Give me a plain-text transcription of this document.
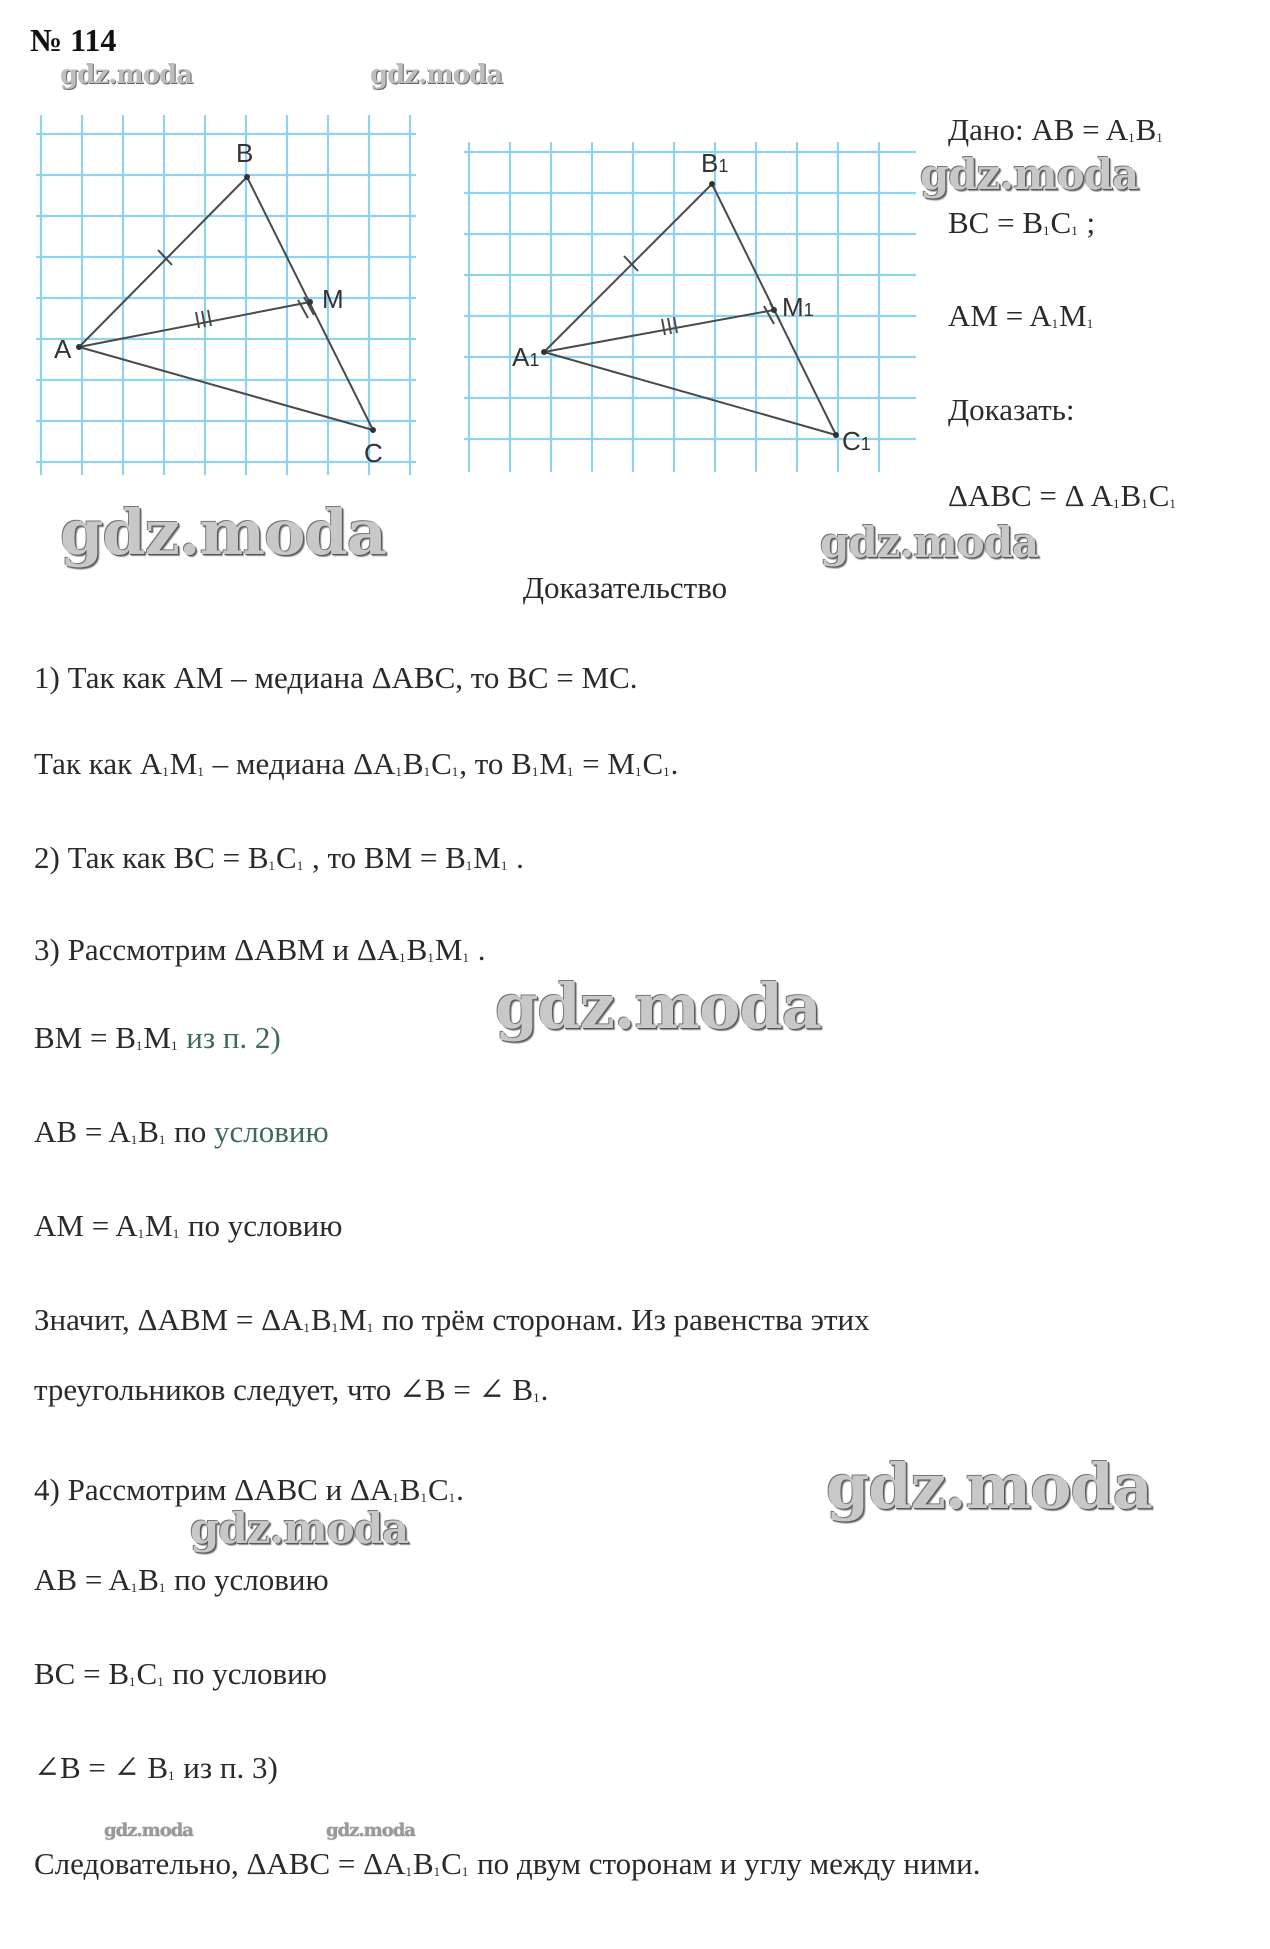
№ 114
gdz.moda	gdz.moda
B
M
A
C
B1
M1
A1
C1
Дано: AB = $A_1B_1$
BC = $B_1C_1$ ;
AM = $A_1M_1$
Доказать:
ΔABC = Δ $A_1B_1C_1$
gdz.moda
gdz.moda	gdz.moda
Доказательство
1) Так как AM – медиана ΔABC, то BC = MC.
Так как $A_1M_1$ – медиана $\Delta A_1B_1C_1$, то $B_1M_1 = M_1C_1$.
2) Так как BC = $B_1C_1$ , то BM = $B_1M_1$ .
3) Рассмотрим ΔABM и $\Delta A_1B_1M_1$ .
gdz.moda
BM = $B_1M_1$ из п. 2)
AB = $A_1B_1$ по условию
AM = $A_1M_1$ по условию
Значит, $\Delta ABM = \Delta A_1B_1M_1$ по трём сторонам. Из равенства этих
треугольников следует, что ∠B = ∠ $B_1$.
4) Рассмотрим ΔABC и $\Delta A_1B_1C_1$.	gdz.moda
gdz.moda
AB = $A_1B_1$ по условию
BC = $B_1C_1$ по условию
∠B = ∠ $B_1$ из п. 3)
gdz.moda	gdz.moda
Следовательно, $\Delta ABC = \Delta A_1B_1C_1$ по двум сторонам и углу между ними.
